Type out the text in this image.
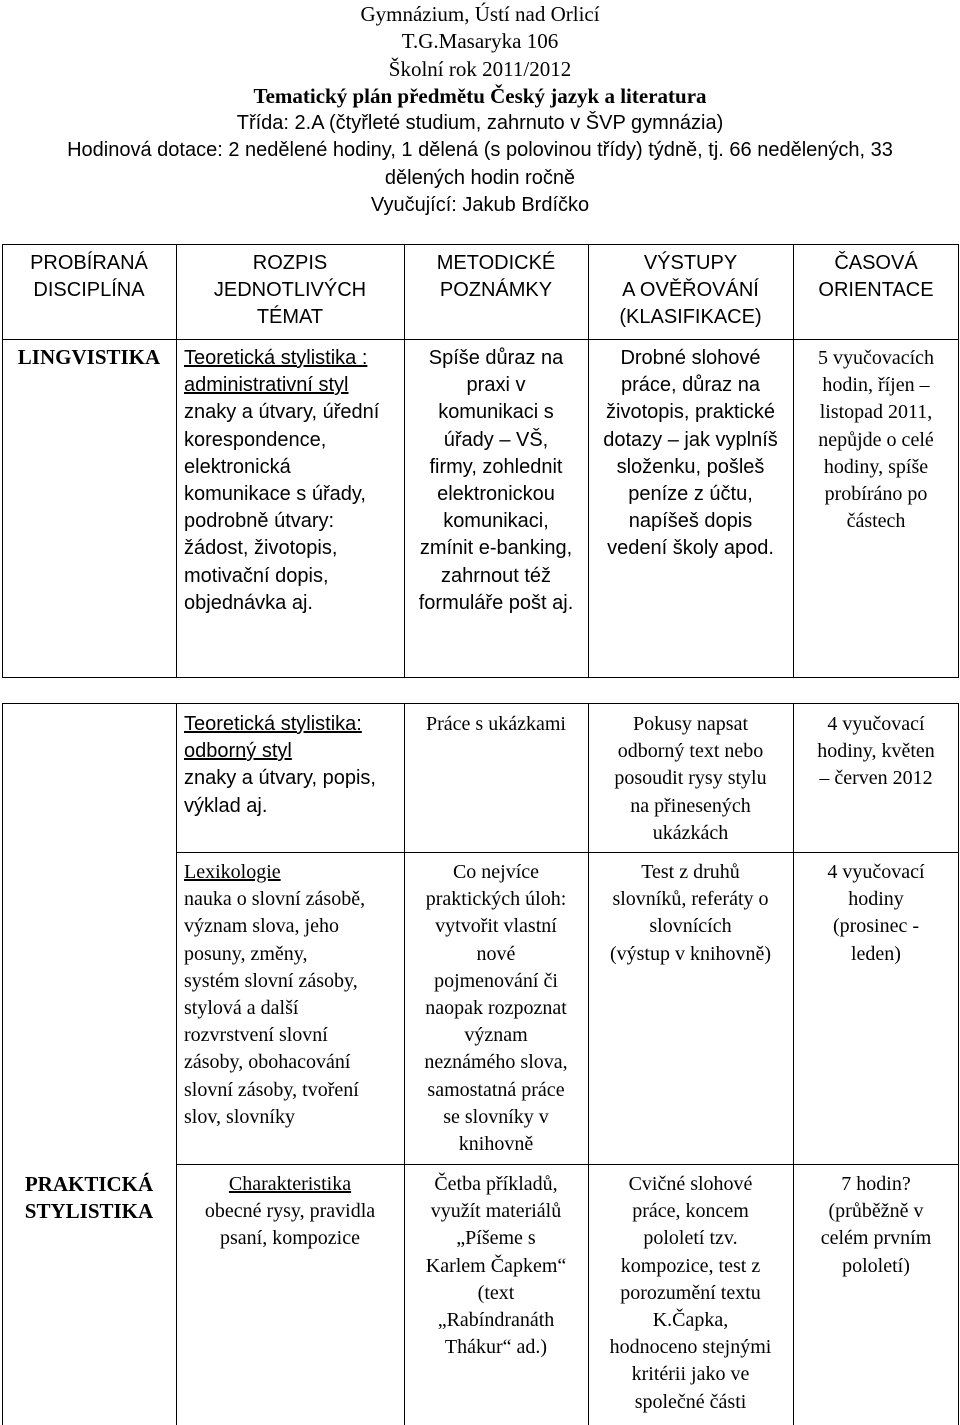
Gymnázium, Ústí nad Orlicí
T.G.Masaryka 106
Školní rok 2011/2012
Tematický plán předmětu Český jazyk a literatura
Třída: 2.A (čtyřleté studium, zahrnuto v ŠVP gymnázia)
Hodinová dotace: 2 nedělené hodiny, 1 dělená (s polovinou třídy) týdně, tj. 66 nedělených, 33
dělených hodin ročně
Vyučující: Jakub Brdíčko
PROBÍRANÁ
DISCIPLÍNA
ROZPIS
JEDNOTLIVÝCH
TÉMAT
METODICKÉ
POZNÁMKY
VÝSTUPY
A OVĚŘOVÁNÍ
(KLASIFIKACE)
ČASOVÁ
ORIENTACE
LINGVISTIKA	Teoretická stylistika :
administrativní styl
znaky a útvary, úřední
korespondence,
elektronická
komunikace s úřady,
podrobně útvary:
žádost, životopis,
motivační dopis,
objednávka aj.
Spíše důraz na
praxi v
komunikaci s
úřady – VŠ,
firmy, zohlednit
elektronickou
komunikaci,
zmínit e-banking,
zahrnout též
formuláře pošt aj.
Drobné slohové
práce, důraz na
životopis, praktické
dotazy – jak vyplníš
složenku, pošleš
peníze z účtu,
napíšeš dopis
vedení školy apod.
5 vyučovacích
hodin, říjen –
listopad 2011,
nepůjde o celé
hodiny, spíše
probíráno po
částech
PRAKTICKÁ
STYLISTIKA
Teoretická stylistika:
odborný styl
znaky a útvary, popis,
výklad aj.
Práce s ukázkami	Pokusy napsat
odborný text nebo
posoudit rysy stylu
na přinesených
ukázkách
4 vyučovací
hodiny, květen
– červen 2012
Lexikologie
nauka o slovní zásobě,
význam slova, jeho
posuny, změny,
systém slovní zásoby,
stylová a další
rozvrstvení slovní
zásoby, obohacování
slovní zásoby, tvoření
slov, slovníky
Co nejvíce
praktických úloh:
vytvořit vlastní
nové
pojmenování či
naopak rozpoznat
význam
neznámého slova,
samostatná práce
se slovníky v
knihovně
Test z druhů
slovníků, referáty o
slovnících
(výstup v knihovně)
4 vyučovací
hodiny
(prosinec -
leden)
Charakteristika
obecné rysy, pravidla
psaní, kompozice
Četba příkladů,
využít materiálů
„Píšeme s
Karlem Čapkem“
(text
„Rabíndranáth
Thákur“ ad.)
Cvičné slohové
práce, koncem
pololetí tzv.
kompozice, test z
porozumění textu
K.Čapka,
hodnoceno stejnými
kritérii jako ve
společné části
7 hodin?
(průběžně v
celém prvním
pololetí)
